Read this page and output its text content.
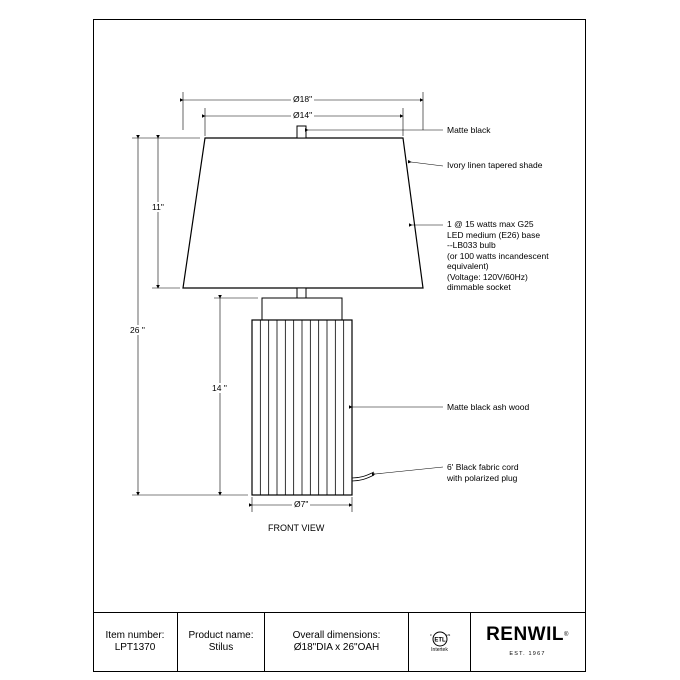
Ø18"
Ø14"
11"
26 "
14 "
Ø7"
Matte black
Ivory linen tapered shade
1 @ 15 watts max G25
LED medium (E26) base
--LB033 bulb
(or 100 watts incandescent
equivalent)
(Voltage: 120V/60Hz)
dimmable socket
Matte black ash wood
6' Black fabric cord
with polarized plug
FRONT VIEW
Item number:
LPT1370
Product name:
Stilus
Overall dimensions:
Ø18"DIA x 26"OAH
ETL
c	us
Intertek
RENWIL®
EST. 1967
